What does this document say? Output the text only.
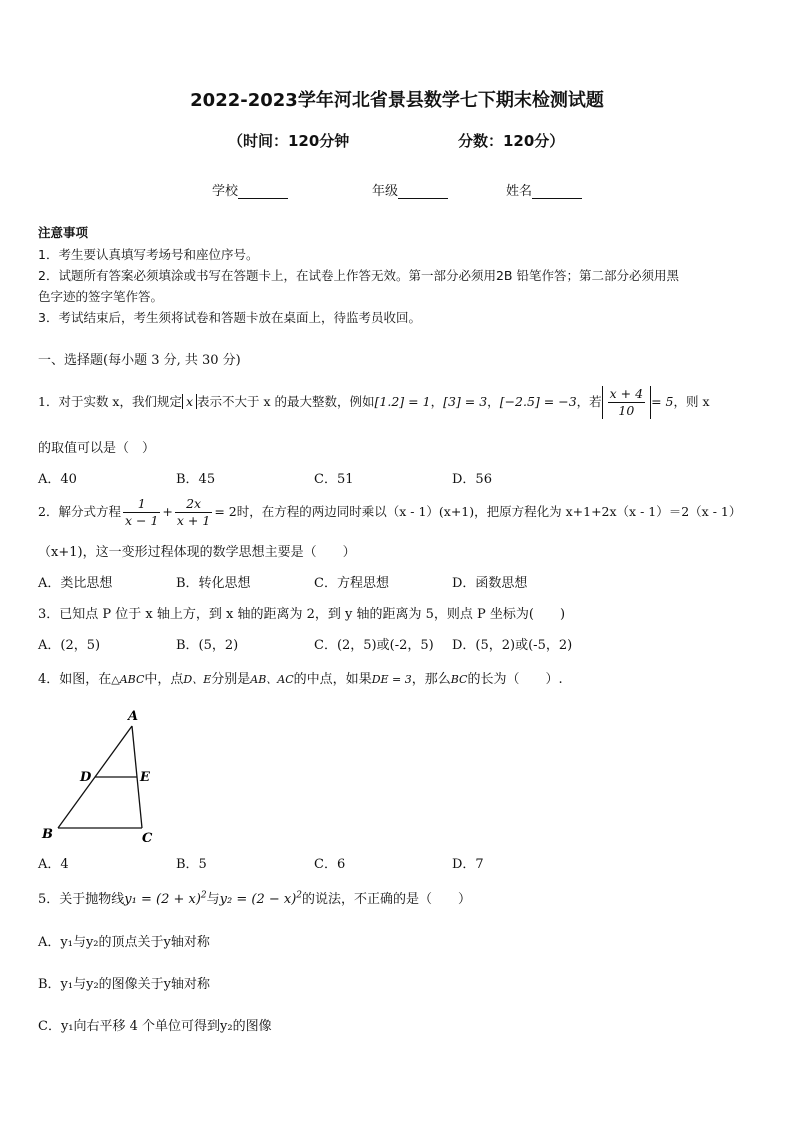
2022-2023学年河北省景县数学七下期末检测试题
（时间：120分钟	分数：120分）
学校	年级	姓名
注意事项
1．考生要认真填写考场号和座位序号。
2．试题所有答案必须填涂或书写在答题卡上，在试卷上作答无效。第一部分必须用2B 铅笔作答；第二部分必须用黑
色字迹的签字笔作答。
3．考试结束后，考生须将试卷和答题卡放在桌面上，待监考员收回。
一、选择题(每小题 3 分, 共 30 分)
1．对于实数 x，我们规定 x 表示不大于 x 的最大整数，例如[1.2] = 1，[3] = 3，[−2.5] = −3，若 $\frac{x + 4}{10} = 5$，则 x
的取值可以是（　）
A．40	B．45	C．51	D．56
2．解分式方程 $\frac{1}{x - 1} + \frac{2x}{x + 1} = 2$时，在方程的两边同时乘以（x - 1）(x+1)，把原方程化为 x+1+2x（x - 1）＝2（x - 1）
（x+1)，这一变形过程体现的数学思想主要是（　　）
A．类比思想	B．转化思想	C．方程思想	D．函数思想
3．已知点 P 位于 x 轴上方，到 x 轴的距离为 2，到 y 轴的距离为 5，则点 P 坐标为(　　)
A．(2，5)	B．(5，2)	C．(2，5)或(-2，5) D．(5，2)或(-5，2)
4．如图，在△ABC中，点D、E分别是AB、AC的中点，如果DE = 3，那么BC的长为（　　）.
A
D	E
B	C
A．4	B．5	C．6	D．7
5．关于抛物线$y_1 = (2 + x)^2$与$y_2 = (2 - x)^2$的说法，不正确的是（　　）
A．y₁与y₂的顶点关于y轴对称
B．y₁与y₂的图像关于y轴对称
C．y₁向右平移 4 个单位可得到y₂的图像
